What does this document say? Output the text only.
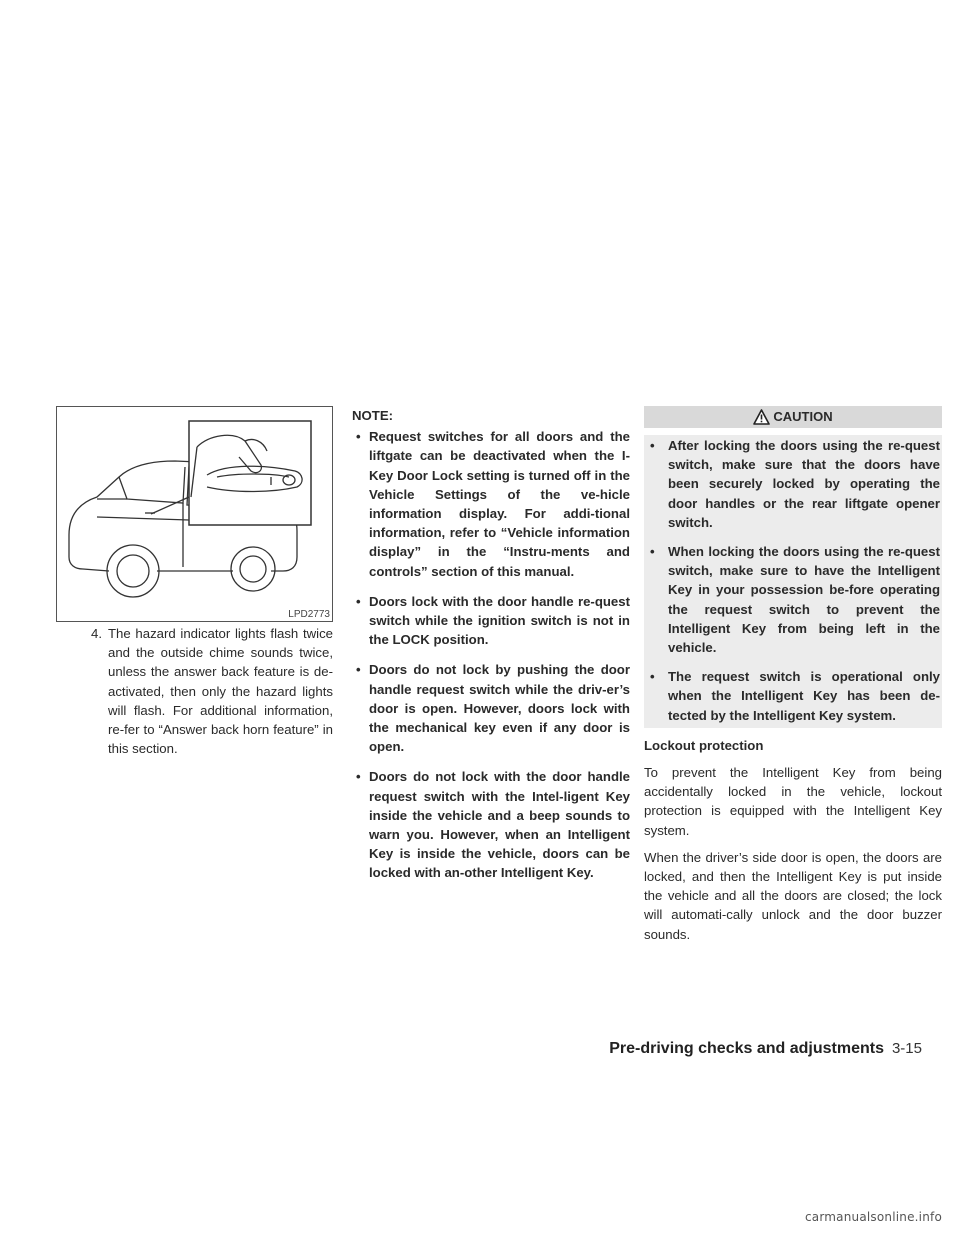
LPD2773
4. The hazard indicator lights flash twice and the outside chime sounds twice, unless the answer back feature is de-activated, then only the hazard lights will flash. For additional information, re-fer to “Answer back horn feature” in this section.
NOTE:
• Request switches for all doors and the liftgate can be deactivated when the I-Key Door Lock setting is turned off in the Vehicle Settings of the ve-hicle information display. For addi-tional information, refer to “Vehicle information display” in the “Instru-ments and controls” section of this manual.
• Doors lock with the door handle re-quest switch while the ignition switch is not in the LOCK position.
• Doors do not lock by pushing the door handle request switch while the driv-er’s door is open. However, doors lock with the mechanical key even if any door is open.
• Doors do not lock with the door handle request switch with the Intel-ligent Key inside the vehicle and a beep sounds to warn you. However, when an Intelligent Key is inside the vehicle, doors can be locked with an-other Intelligent Key.
CAUTION
• After locking the doors using the re-quest switch, make sure that the doors have been securely locked by operating the door handles or the rear liftgate opener switch.
• When locking the doors using the re-quest switch, make sure to have the Intelligent Key in your possession be-fore operating the request switch to prevent the Intelligent Key from being left in the vehicle.
• The request switch is operational only when the Intelligent Key has been de-tected by the Intelligent Key system.
Lockout protection

To prevent the Intelligent Key from being accidentally locked in the vehicle, lockout protection is equipped with the Intelligent Key system.

When the driver’s side door is open, the doors are locked, and then the Intelligent Key is put inside the vehicle and all the doors are closed; the lock will automati-cally unlock and the door buzzer sounds.

Pre-driving checks and adjustments 3-15
carmanualsonline.info
